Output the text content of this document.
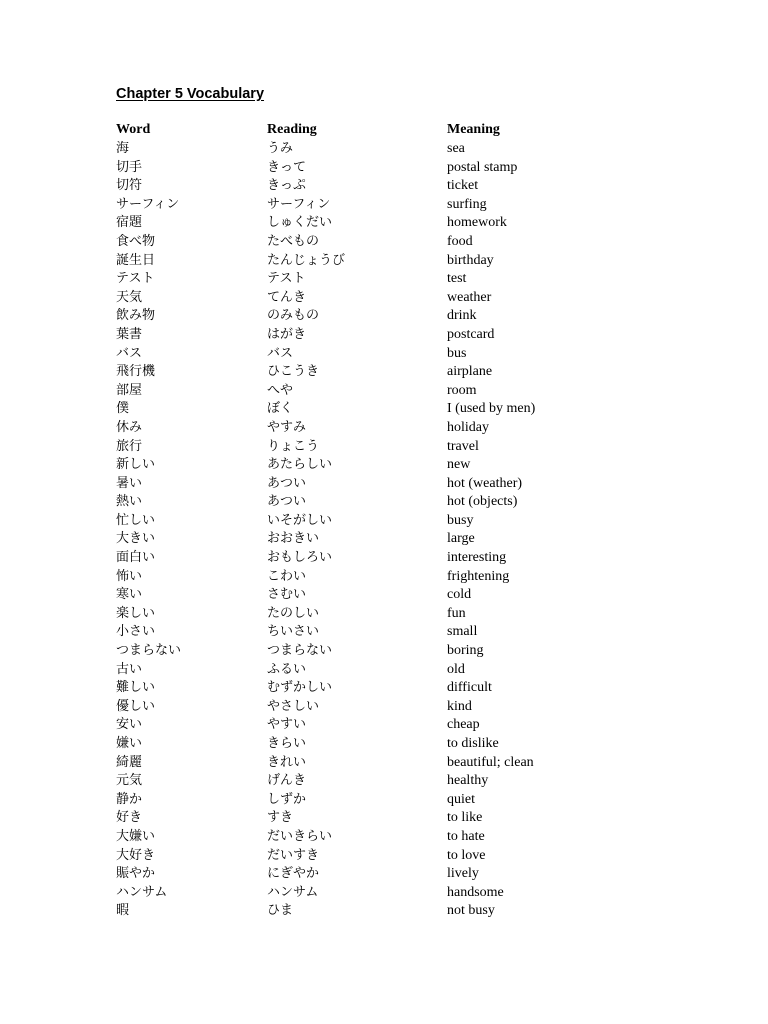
Chapter 5 Vocabulary
Word	Reading	Meaning
海	うみ	sea
切手	きって	postal stamp
切符	きっぷ	ticket
サーフィン	サーフィン	surfing
宿題	しゅくだい	homework
食べ物	たべもの	food
誕生日	たんじょうび	birthday
テスト	テスト	test
天気	てんき	weather
飲み物	のみもの	drink
葉書	はがき	postcard
バス	バス	bus
飛行機	ひこうき	airplane
部屋	へや	room
僕	ぼく	I (used by men)
休み	やすみ	holiday
旅行	りょこう	travel
新しい	あたらしい	new
暑い	あつい	hot (weather)
熱い	あつい	hot (objects)
忙しい	いそがしい	busy
大きい	おおきい	large
面白い	おもしろい	interesting
怖い	こわい	frightening
寒い	さむい	cold
楽しい	たのしい	fun
小さい	ちいさい	small
つまらない	つまらない	boring
古い	ふるい	old
難しい	むずかしい	difficult
優しい	やさしい	kind
安い	やすい	cheap
嫌い	きらい	to dislike
綺麗	きれい	beautiful; clean
元気	げんき	healthy
静か	しずか	quiet
好き	すき	to like
大嫌い	だいきらい	to hate
大好き	だいすき	to love
賑やか	にぎやか	lively
ハンサム	ハンサム	handsome
暇	ひま	not busy
